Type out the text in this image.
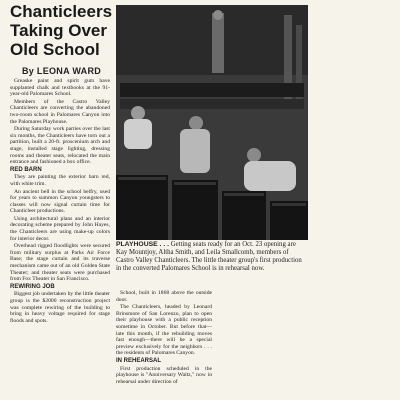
Chanticleers
Taking Over
Old School
By LEONA WARD

Greaske paint and spirit gum have supplanted chalk and textbooks at the 91-year-old Palomares School.

Members of the Castro Valley Chanticleers are converting the abandoned two-room school in Palomares Canyon into the Palomares Playhouse.

During Saturday work parties over the last six months, the Chanticleers have torn out a partition, built a 20-ft. proscenium arch and stage, installed stage lighting, dressing rooms and theater seats, relocated the main entrance and fashioned a box office.

RED BARN

They are painting the exterior barn red, with white trim.

An ancient bell in the school belfry, used for years to summon Canyon youngsters to classes will now signal curtain time for Chanticleer productions.

Using architectural plans and an interior decorating scheme prepared by John Hayes, the Chanticleers are using make-up colors for interior decor.

Overhead rigged floodlights were secured from military surplus at Parks Air Force Base; the stage curtain and its traverse mechanism came out of an old Golden State Theater; and theater seats were purchased from Fox Theater in San Francisco.

REWIRING JOB

Biggest job undertaken by the little theater group is the $2000 reconstruction project was complete rewiring of the building to bring in heavy voltage required for stage floods and spots.

PLAYHOUSE . . . Getting seats ready for an Oct. 23 opening are Kay Mountjoy, Altha Smith, and Leila Smallcomb, members of Castro Valley Chanticleers. The little theater group's first production in the converted Palomares School is in rehearsal now.

School, built in 1868 above the outside door.

The Chanticleers, headed by Leonard Brinsmore of San Lorenzo, plan to open their playhouse with a public reception sometime in October. But before that—late this month, if the rebuilding moves fast enough—there will be a special preview exclusively for the neighbors . . . the residents of Palomares Canyon.

IN REHEARSAL

First production scheduled in the playhouse is "Anniversary Waltz," now in rehearsal under direction of
